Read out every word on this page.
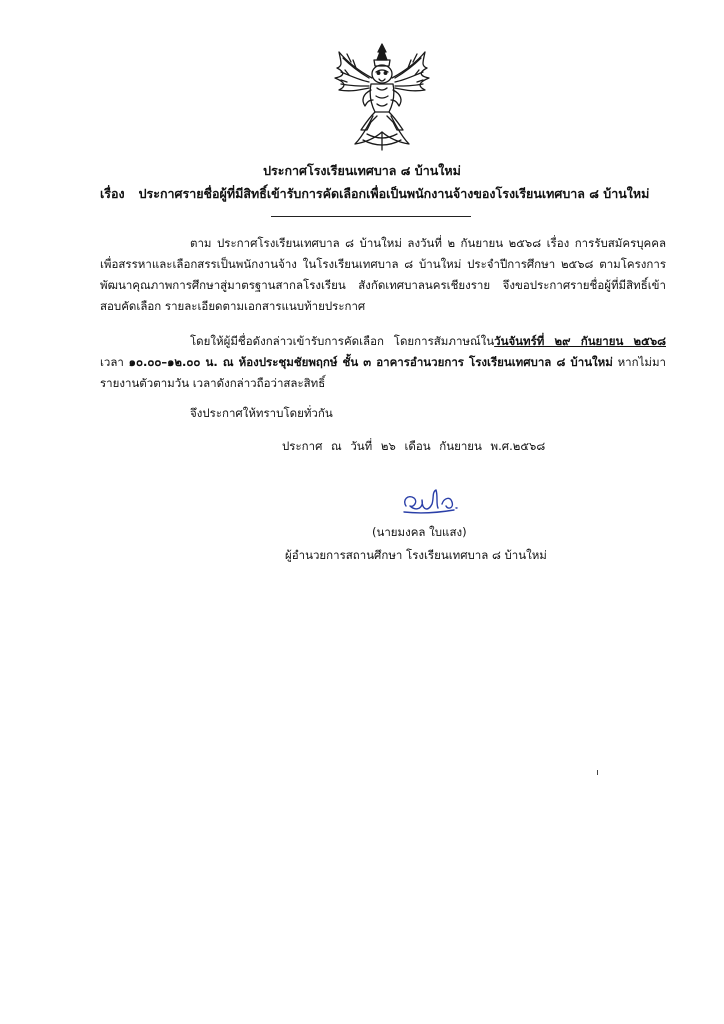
ประกาศโรงเรียนเทศบาล ๘ บ้านใหม่
เรื่อง ประกาศรายชื่อผู้ที่มีสิทธิ์เข้ารับการคัดเลือกเพื่อเป็นพนักงานจ้างของโรงเรียนเทศบาล ๘ บ้านใหม่
ตาม ประกาศโรงเรียนเทศบาล ๘ บ้านใหม่ ลงวันที่ ๒ กันยายน ๒๕๖๘ เรื่อง การรับสมัครบุคคลเพื่อสรรหาและเลือกสรรเป็นพนักงานจ้าง ในโรงเรียนเทศบาล ๘ บ้านใหม่ ประจำปีการศึกษา ๒๕๖๘ ตามโครงการพัฒนาคุณภาพการศึกษาสู่มาตรฐานสากลโรงเรียน สังกัดเทศบาลนครเชียงราย จึงขอประกาศรายชื่อผู้ที่มีสิทธิ์เข้าสอบคัดเลือก รายละเอียดตามเอกสารแนบท้ายประกาศ
โดยให้ผู้มีชื่อดังกล่าวเข้ารับการคัดเลือก โดยการสัมภาษณ์ในวันจันทร์ที่ ๒๙ กันยายน ๒๕๖๘ เวลา ๑๐.๐๐–๑๒.๐๐ น. ณ ห้องประชุมชัยพฤกษ์ ชั้น ๓ อาคารอำนวยการ โรงเรียนเทศบาล ๘ บ้านใหม่ หากไม่มารายงานตัวตามวัน เวลาดังกล่าวถือว่าสละสิทธิ์
จึงประกาศให้ทราบโดยทั่วกัน
ประกาศ ณ วันที่ ๒๖ เดือน กันยายน พ.ศ.๒๕๖๘
(นายมงคล ใบแสง)
ผู้อำนวยการสถานศึกษา โรงเรียนเทศบาล ๘ บ้านใหม่
